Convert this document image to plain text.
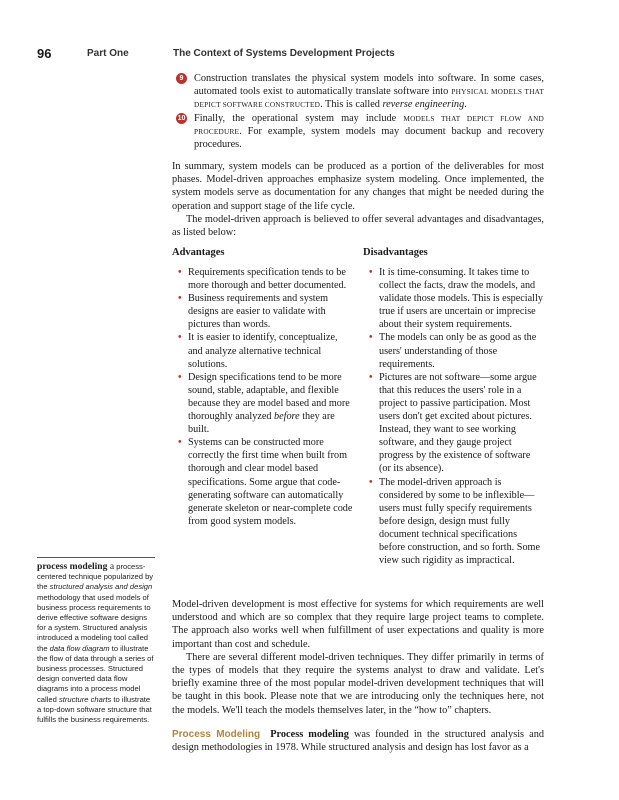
96	Part One	The Context of Systems Development Projects
9	Construction translates the physical system models into software. In some cases, automated tools exist to automatically translate software into PHYSICAL MODELS THAT DEPICT SOFTWARE CONSTRUCTED. This is called reverse engineering.
10 Finally, the operational system may include MODELS THAT DEPICT FLOW AND PROCEDURE. For example, system models may document backup and recovery procedures.

In summary, system models can be produced as a portion of the deliverables for most phases. Model-driven approaches emphasize system modeling. Once implemented, the system models serve as documentation for any changes that might be needed during the operation and support stage of the life cycle.

The model-driven approach is believed to offer several advantages and disadvantages, as listed below:

Advantages	Disadvantages
• Requirements specification tends to be more thorough and better documented.
• Business requirements and system designs are easier to validate with pictures than words.
• It is easier to identify, conceptualize, and analyze alternative technical solutions.
• Design specifications tend to be more sound, stable, adaptable, and flexible because they are model based and more thoroughly analyzed before they are built.
• Systems can be constructed more correctly the first time when built from thorough and clear model based specifications. Some argue that code-generating software can automatically generate skeleton or near-complete code from good system models.
• It is time-consuming. It takes time to collect the facts, draw the models, and validate those models. This is especially true if users are uncertain or imprecise about their system requirements.
• The models can only be as good as the users' understanding of those requirements.
• Pictures are not software—some argue that this reduces the users' role in a project to passive participation. Most users don't get excited about pictures. Instead, they want to see working software, and they gauge project progress by the existence of software (or its absence).
• The model-driven approach is considered by some to be inflexible—users must fully specify requirements before design, design must fully document technical specifications before construction, and so forth. Some view such rigidity as impractical.
process modeling a process-centered technique popularized by the structured analysis and design methodology that used models of business process requirements to derive effective software designs for a system. Structured analysis introduced a modeling tool called the data flow diagram to illustrate the flow of data through a series of business processes. Structured design converted data flow diagrams into a process model called structure charts to illustrate a top-down software structure that fulfills the business requirements.

Model-driven development is most effective for systems for which requirements are well understood and which are so complex that they require large project teams to complete. The approach also works well when fulfillment of user expectations and quality is more important than cost and schedule.

There are several different model-driven techniques. They differ primarily in terms of the types of models that they require the systems analyst to draw and validate. Let's briefly examine three of the most popular model-driven development techniques that will be taught in this book. Please note that we are introducing only the techniques here, not the models. We'll teach the models themselves later, in the “how to” chapters.

Process Modeling Process modeling was founded in the structured analysis and design methodologies in 1978. While structured analysis and design has lost favor as a
